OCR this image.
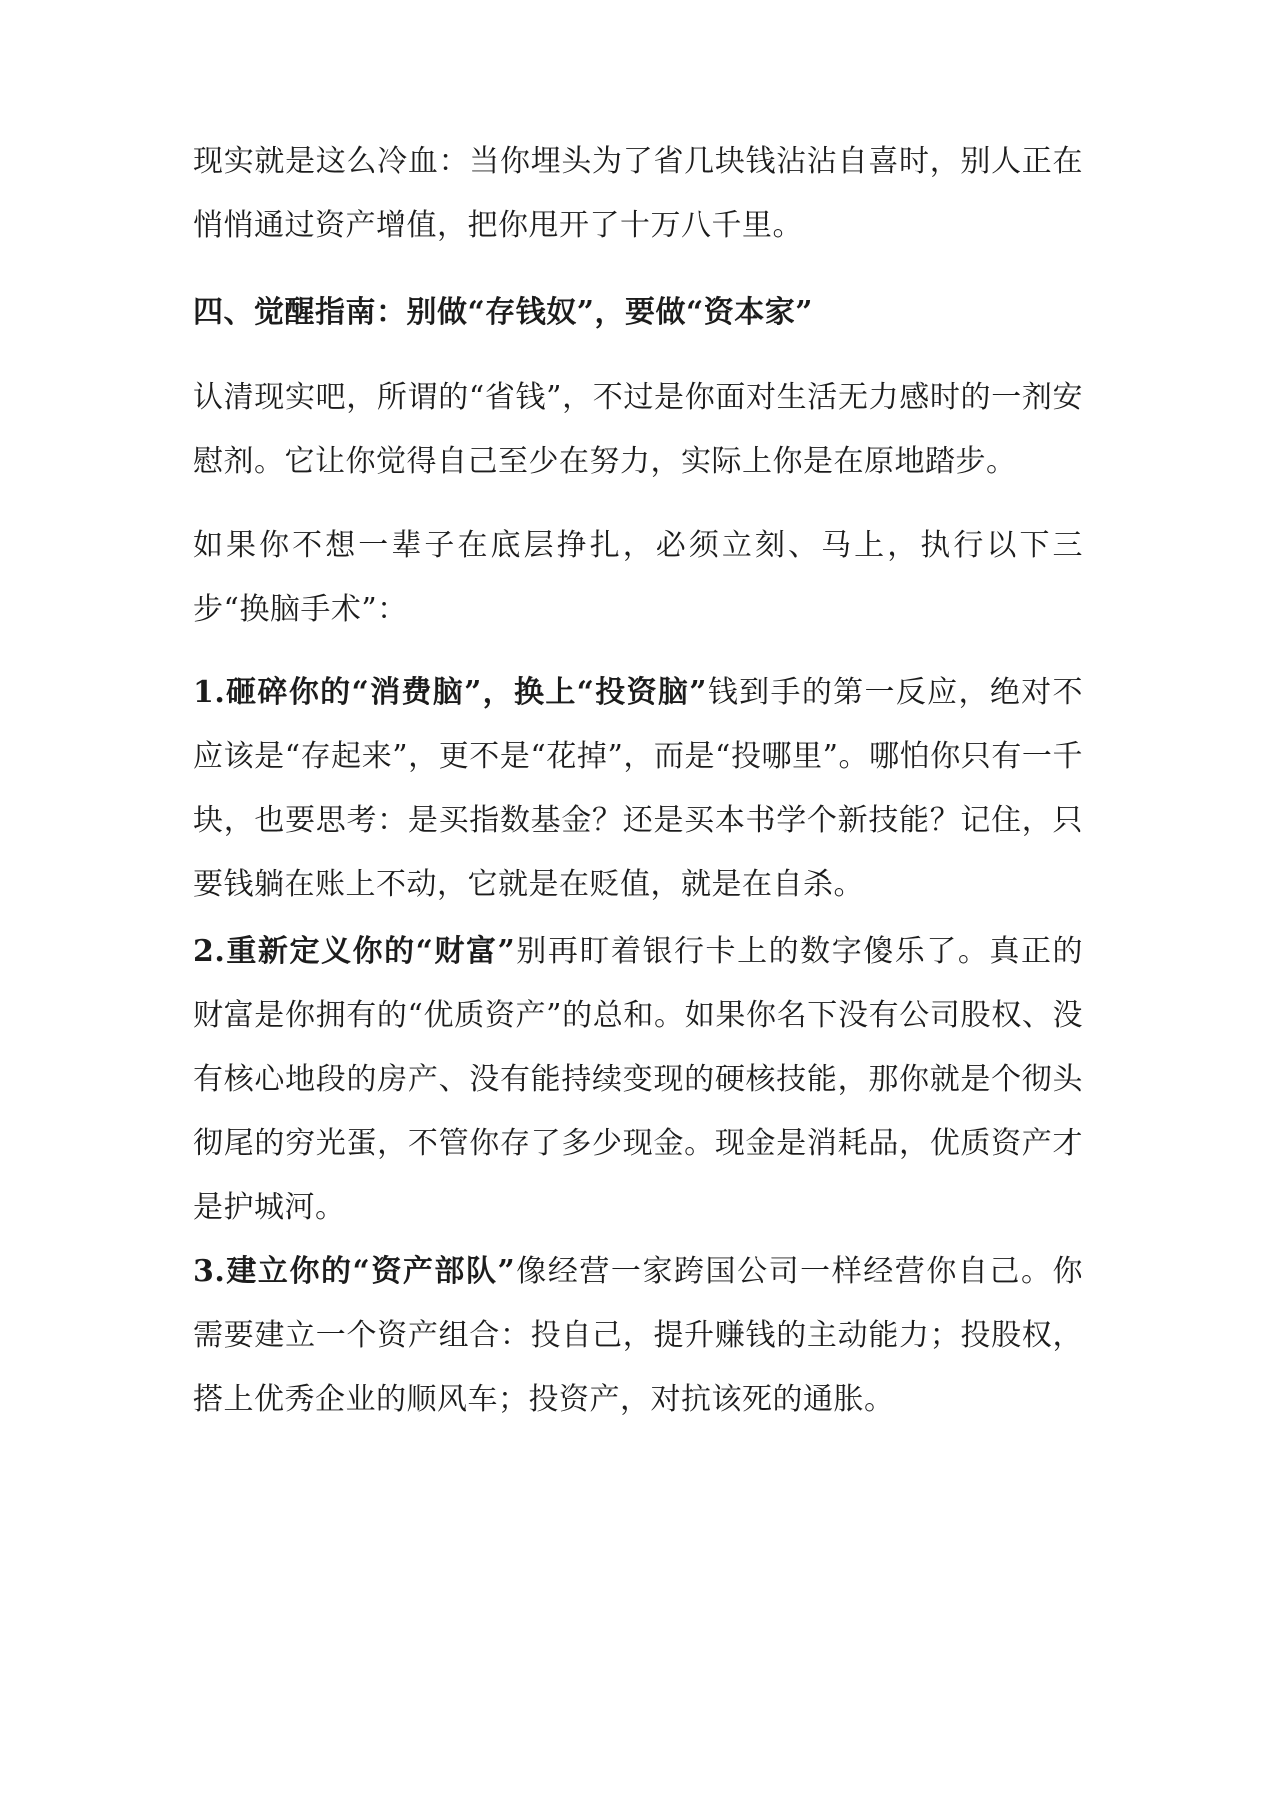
现实就是这么冷血：当你埋头为了省几块钱沾沾自喜时，别人正在悄悄通过资产增值，把你甩开了十万八千里。

四、觉醒指南：别做“存钱奴”，要做“资本家”

认清现实吧，所谓的“省钱”，不过是你面对生活无力感时的一剂安慰剂。它让你觉得自己至少在努力，实际上你是在原地踏步。

如果你不想一辈子在底层挣扎，必须立刻、马上，执行以下三步“换脑手术”：

1.砸碎你的“消费脑”，换上“投资脑”钱到手的第一反应，绝对不应该是“存起来”，更不是“花掉”，而是“投哪里”。哪怕你只有一千块，也要思考：是买指数基金？还是买本书学个新技能？记住，只要钱躺在账上不动，它就是在贬值，就是在自杀。

2.重新定义你的“财富”别再盯着银行卡上的数字傻乐了。真正的财富是你拥有的“优质资产”的总和。如果你名下没有公司股权、没有核心地段的房产、没有能持续变现的硬核技能，那你就是个彻头彻尾的穷光蛋，不管你存了多少现金。现金是消耗品，优质资产才是护城河。

3.建立你的“资产部队”像经营一家跨国公司一样经营你自己。你需要建立一个资产组合：投自己，提升赚钱的主动能力；投股权，搭上优秀企业的顺风车；投资产，对抗该死的通胀。
